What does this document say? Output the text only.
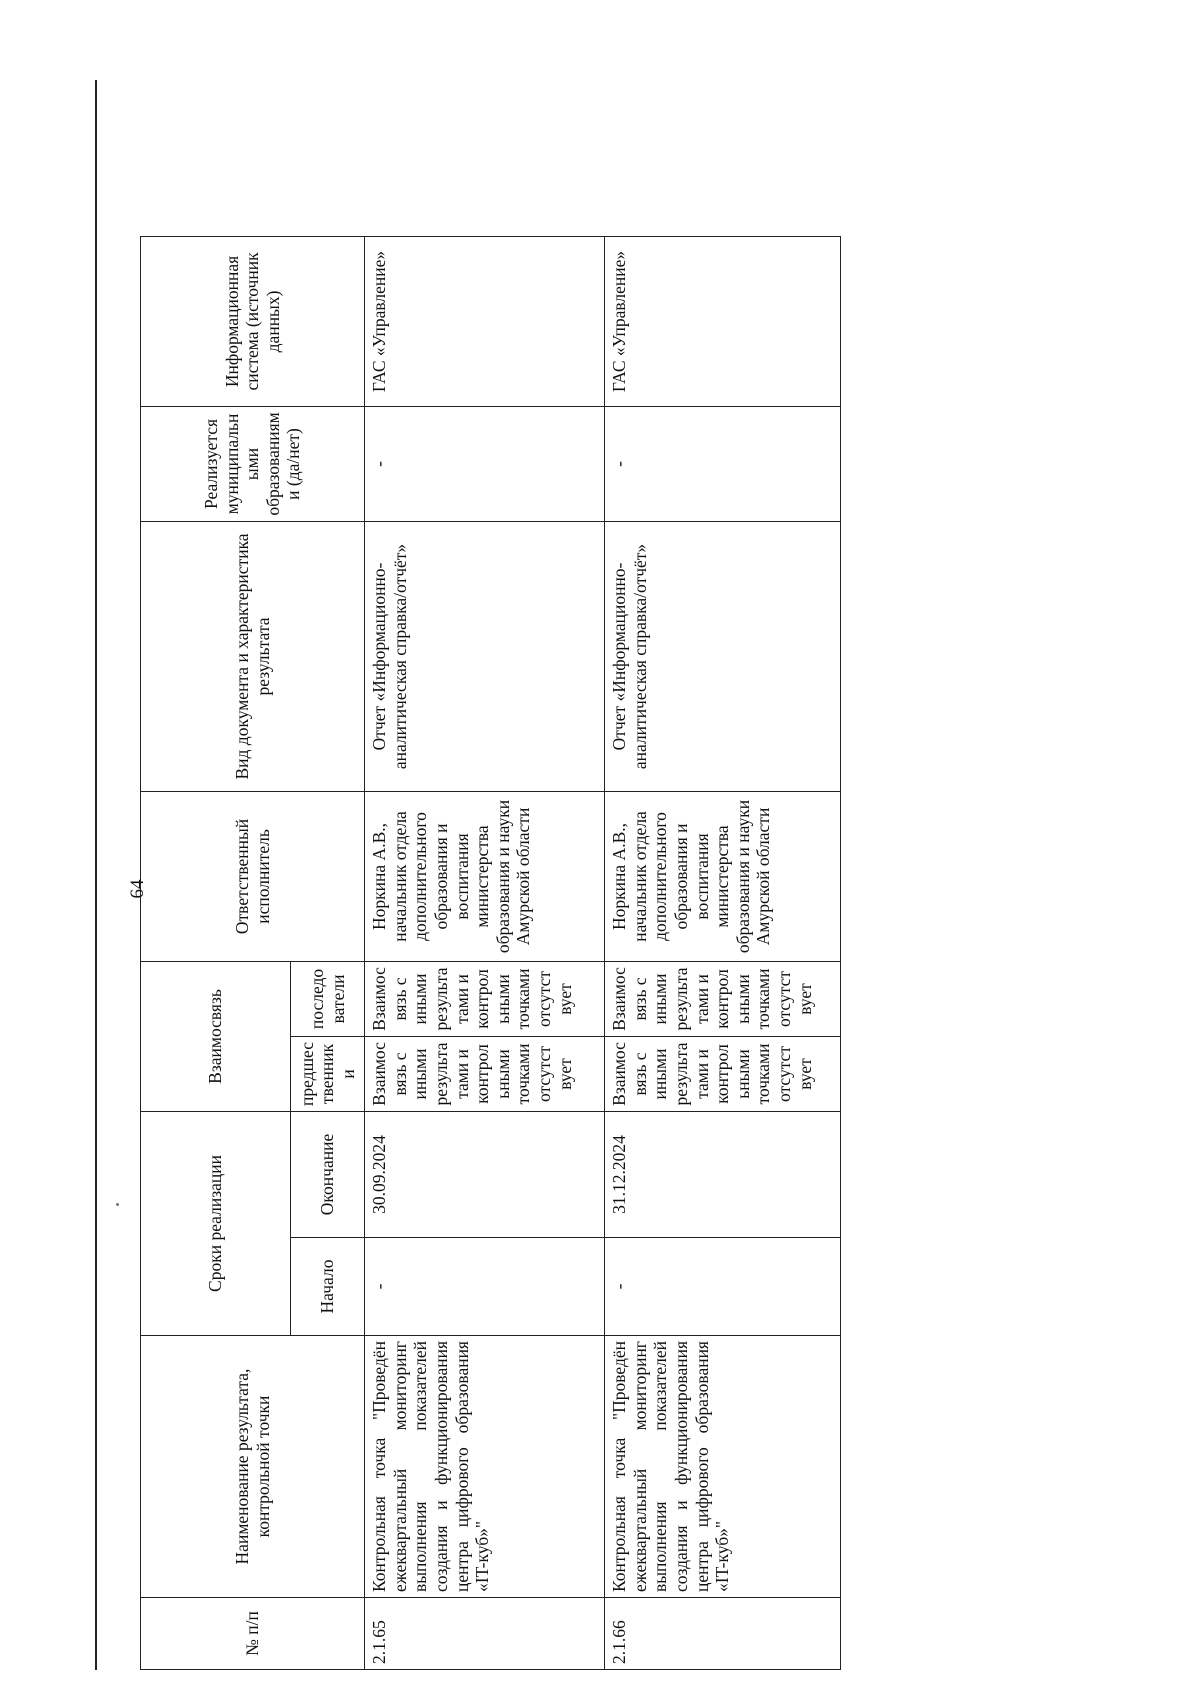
64
№ п/п	Наименование результата, контрольной точки	Сроки реализации		Взаимосвязь		Ответственный исполнитель	Вид документа и характеристика результата	Реализуется муниципальными образованиями (да/нет)	Информационная система (источник данных)
		Начало	Окончание	предшественники	последователи				
2.1.65	Контрольная точка "Проведён ежеквартальный мониторинг выполнения показателей создания и функционирования центра цифрового образования «IT-куб»"	-	30.09.2024	Взаимосвязь с иными результатами и контрольными точками отсутствует	Взаимосвязь с иными результатами и контрольными точками отсутствует	Норкина А.В., начальник отдела дополнительного образования и воспитания министерства образования и науки Амурской области	Отчет «Информационно-аналитическая справка/отчёт»	-	ГАС «Управление»
2.1.66	Контрольная точка "Проведён ежеквартальный мониторинг выполнения показателей создания и функционирования центра цифрового образования «IT-куб»"	-	31.12.2024	Взаимосвязь с иными результатами и контрольными точками отсутствует	Взаимосвязь с иными результатами и контрольными точками отсутствует	Норкина А.В., начальник отдела дополнительного образования и воспитания министерства образования и науки Амурской области	Отчет «Информационно-аналитическая справка/отчёт»	-	ГАС «Управление»
